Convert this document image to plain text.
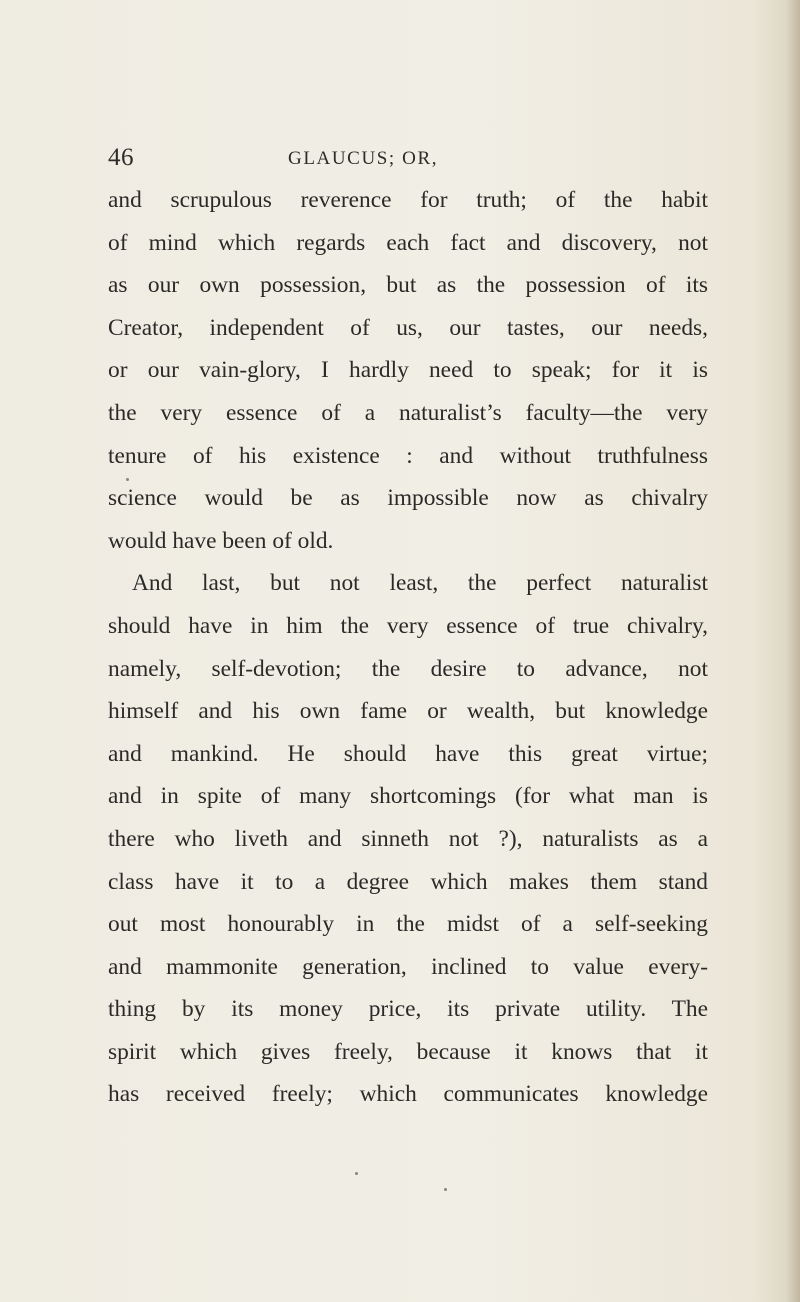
46	GLAUCUS; OR,
and scrupulous reverence for truth; of the habit
of mind which regards each fact and discovery, not
as our own possession, but as the possession of its
Creator, independent of us, our tastes, our needs,
or our vain-glory, I hardly need to speak; for it is
the very essence of a naturalist’s faculty—the very
tenure of his existence : and without truthfulness
science would be as impossible now as chivalry
would have been of old.
And last, but not least, the perfect naturalist
should have in him the very essence of true chivalry,
namely, self-devotion; the desire to advance, not
himself and his own fame or wealth, but knowledge
and mankind. He should have this great virtue;
and in spite of many shortcomings (for what man is
there who liveth and sinneth not ?), naturalists as a
class have it to a degree which makes them stand
out most honourably in the midst of a self-seeking
and mammonite generation, inclined to value every-
thing by its money price, its private utility. The
spirit which gives freely, because it knows that it
has received freely; which communicates knowledge
